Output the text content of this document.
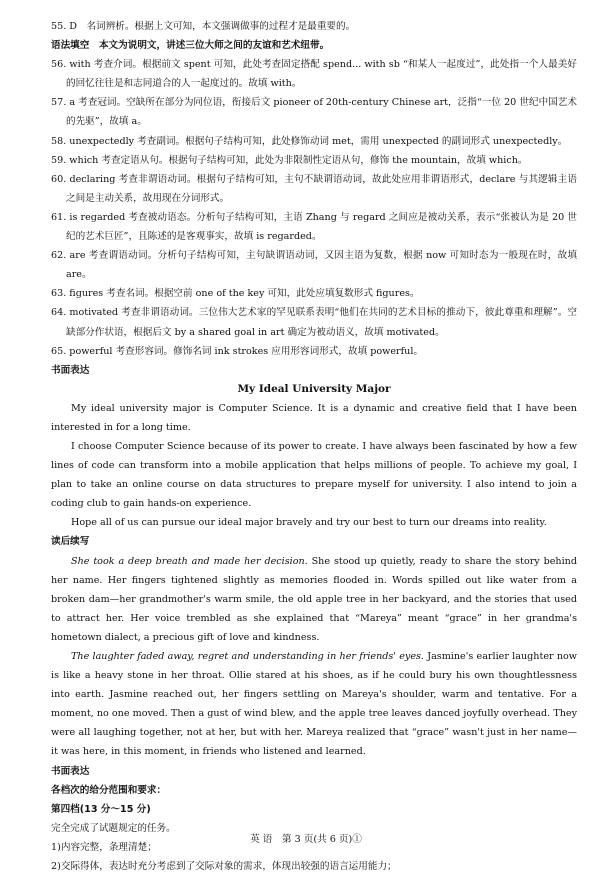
55. D　名词辨析。根据上文可知，本文强调做事的过程才是最重要的。

语法填空　本文为说明文，讲述三位大师之间的友谊和艺术纽带。

56. with 考查介词。根据前文 spent 可知，此处考查固定搭配 spend... with sb “和某人一起度过”，此处指一个人最美好的回忆往往是和志同道合的人一起度过的。故填 with。

57. a 考查冠词。空缺所在部分为同位语，衔接后文 pioneer of 20th-century Chinese art，泛指“一位 20 世纪中国艺术的先驱”，故填 a。

58. unexpectedly 考查副词。根据句子结构可知，此处修饰动词 met，需用 unexpected 的副词形式 unexpectedly。

59. which 考查定语从句。根据句子结构可知，此处为非限制性定语从句，修饰 the mountain，故填 which。

60. declaring 考查非谓语动词。根据句子结构可知，主句不缺谓语动词，故此处应用非谓语形式，declare 与其逻辑主语之间是主动关系，故用现在分词形式。

61. is regarded 考查被动语态。分析句子结构可知，主语 Zhang 与 regard 之间应是被动关系，表示“张被认为是 20 世纪的艺术巨匠”，且陈述的是客观事实，故填 is regarded。

62. are 考查谓语动词。分析句子结构可知，主句缺谓语动词，又因主语为复数，根据 now 可知时态为一般现在时，故填 are。

63. figures 考查名词。根据空前 one of the key 可知，此处应填复数形式 figures。

64. motivated 考查非谓语动词。三位伟大艺术家的罕见联系表明“他们在共同的艺术目标的推动下，彼此尊重和理解”。空缺部分作状语，根据后文 by a shared goal in art 确定为被动语义，故填 motivated。

65. powerful 考查形容词。修饰名词 ink strokes 应用形容词形式，故填 powerful。

书面表达

My Ideal University Major

My ideal university major is Computer Science. It is a dynamic and creative field that I have been interested in for a long time.

I choose Computer Science because of its power to create. I have always been fascinated by how a few lines of code can transform into a mobile application that helps millions of people. To achieve my goal, I plan to take an online course on data structures to prepare myself for university. I also intend to join a coding club to gain hands-on experience.

Hope all of us can pursue our ideal major bravely and try our best to turn our dreams into reality.

读后续写

She took a deep breath and made her decision. She stood up quietly, ready to share the story behind her name. Her fingers tightened slightly as memories flooded in. Words spilled out like water from a broken dam—her grandmother's warm smile, the old apple tree in her backyard, and the stories that used to attract her. Her voice trembled as she explained that “Mareya” meant “grace” in her grandma's hometown dialect, a precious gift of love and kindness.

The laughter faded away, regret and understanding in her friends' eyes. Jasmine's earlier laughter now is like a heavy stone in her throat. Ollie stared at his shoes, as if he could bury his own thoughtlessness into earth. Jasmine reached out, her fingers settling on Mareya's shoulder, warm and tentative. For a moment, no one moved. Then a gust of wind blew, and the apple tree leaves danced joyfully overhead. They were all laughing together, not at her, but with her. Mareya realized that “grace” wasn't just in her name—it was here, in this moment, in friends who listened and learned.

书面表达

各档次的给分范围和要求：

第四档(13 分～15 分)

完全完成了试题规定的任务。

1)内容完整，条理清楚；

2)交际得体，表达时充分考虑到了交际对象的需求，体现出较强的语言运用能力；

英 语　第 3 页(共 6 页)①
